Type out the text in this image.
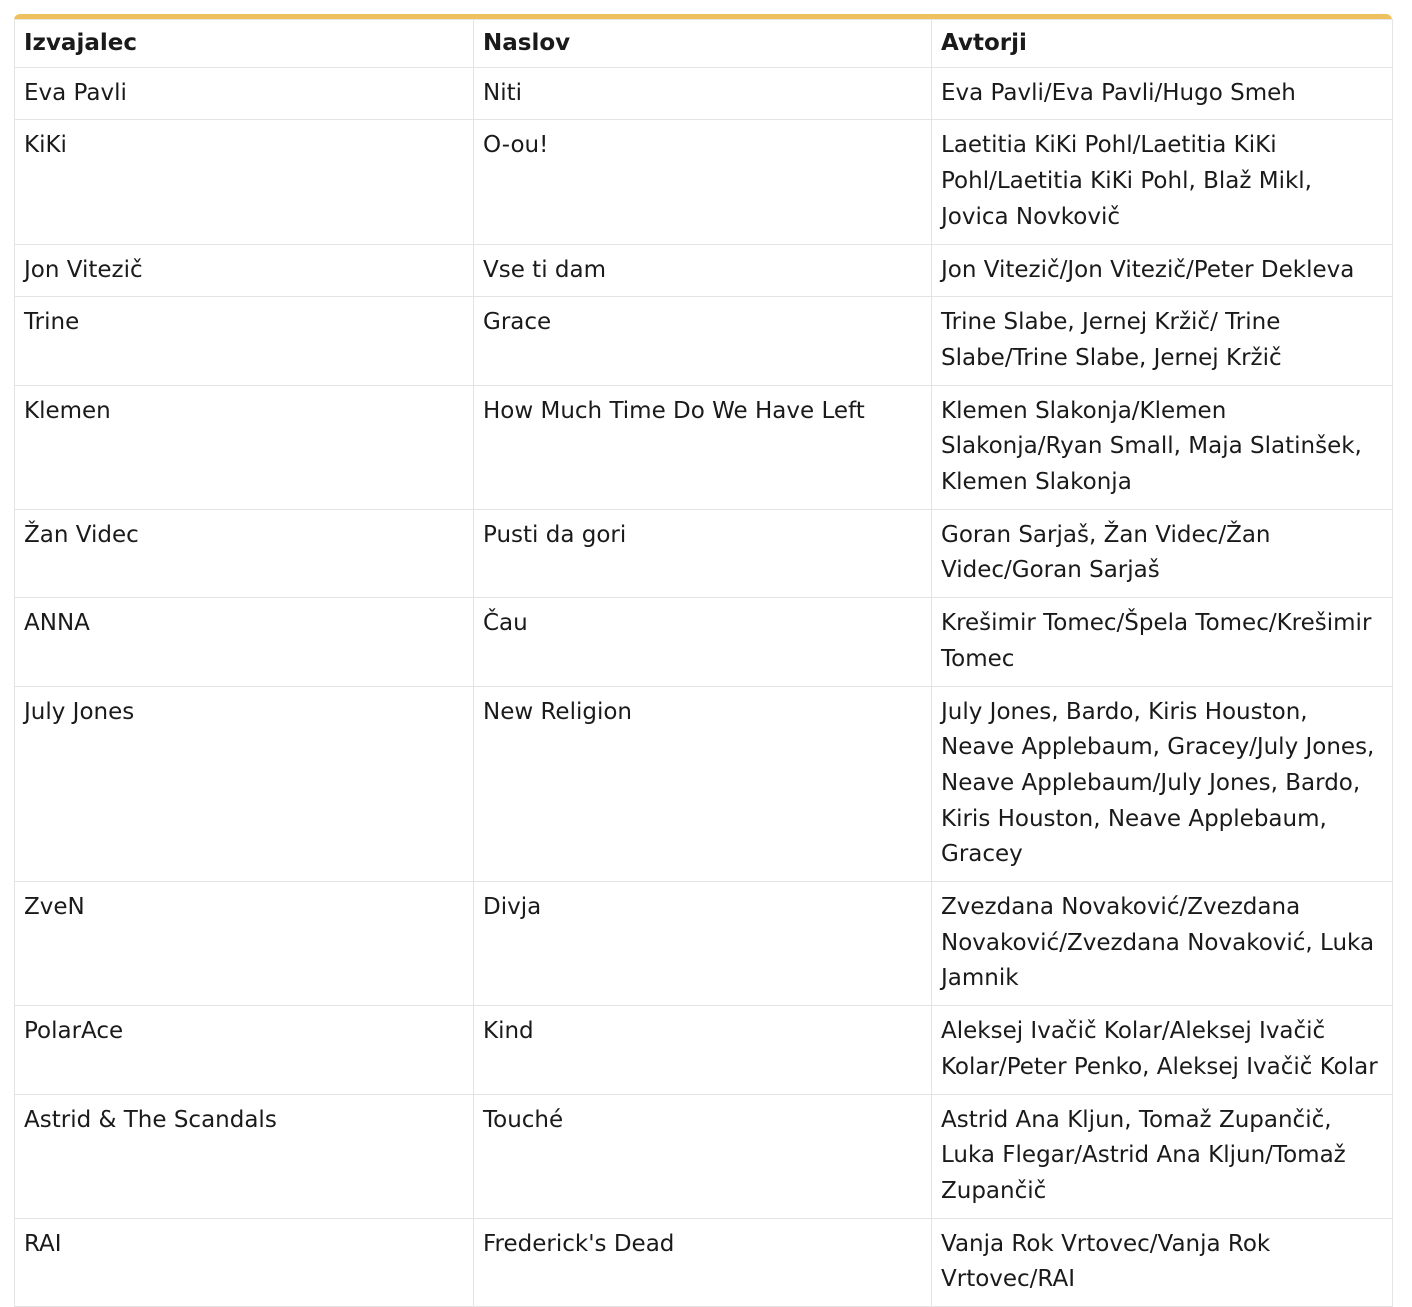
Izvajalec	Naslov	Avtorji
Eva Pavli	Niti	Eva Pavli/Eva Pavli/Hugo Smeh
KiKi	O-ou!	Laetitia KiKi Pohl/Laetitia KiKi Pohl/Laetitia KiKi Pohl, Blaž Mikl, Jovica Novkovič
Jon Vitezič	Vse ti dam	Jon Vitezič/Jon Vitezič/Peter Dekleva
Trine	Grace	Trine Slabe, Jernej Kržič/ Trine Slabe/Trine Slabe, Jernej Kržič
Klemen	How Much Time Do We Have Left	Klemen Slakonja/Klemen Slakonja/Ryan Small, Maja Slatinšek, Klemen Slakonja
Žan Videc	Pusti da gori	Goran Sarjaš, Žan Videc/Žan Videc/Goran Sarjaš
ANNA	Čau	Krešimir Tomec/Špela Tomec/Krešimir Tomec
July Jones	New Religion	July Jones, Bardo, Kiris Houston, Neave Applebaum, Gracey/July Jones, Neave Applebaum/July Jones, Bardo, Kiris Houston, Neave Applebaum, Gracey
ZveN	Divja	Zvezdana Novaković/Zvezdana Novaković/Zvezdana Novaković, Luka Jamnik
PolarAce	Kind	Aleksej Ivačič Kolar/Aleksej Ivačič Kolar/Peter Penko, Aleksej Ivačič Kolar
Astrid & The Scandals	Touché	Astrid Ana Kljun, Tomaž Zupančič, Luka Flegar/Astrid Ana Kljun/Tomaž Zupančič
RAI	Frederick's Dead	Vanja Rok Vrtovec/Vanja Rok Vrtovec/RAI
